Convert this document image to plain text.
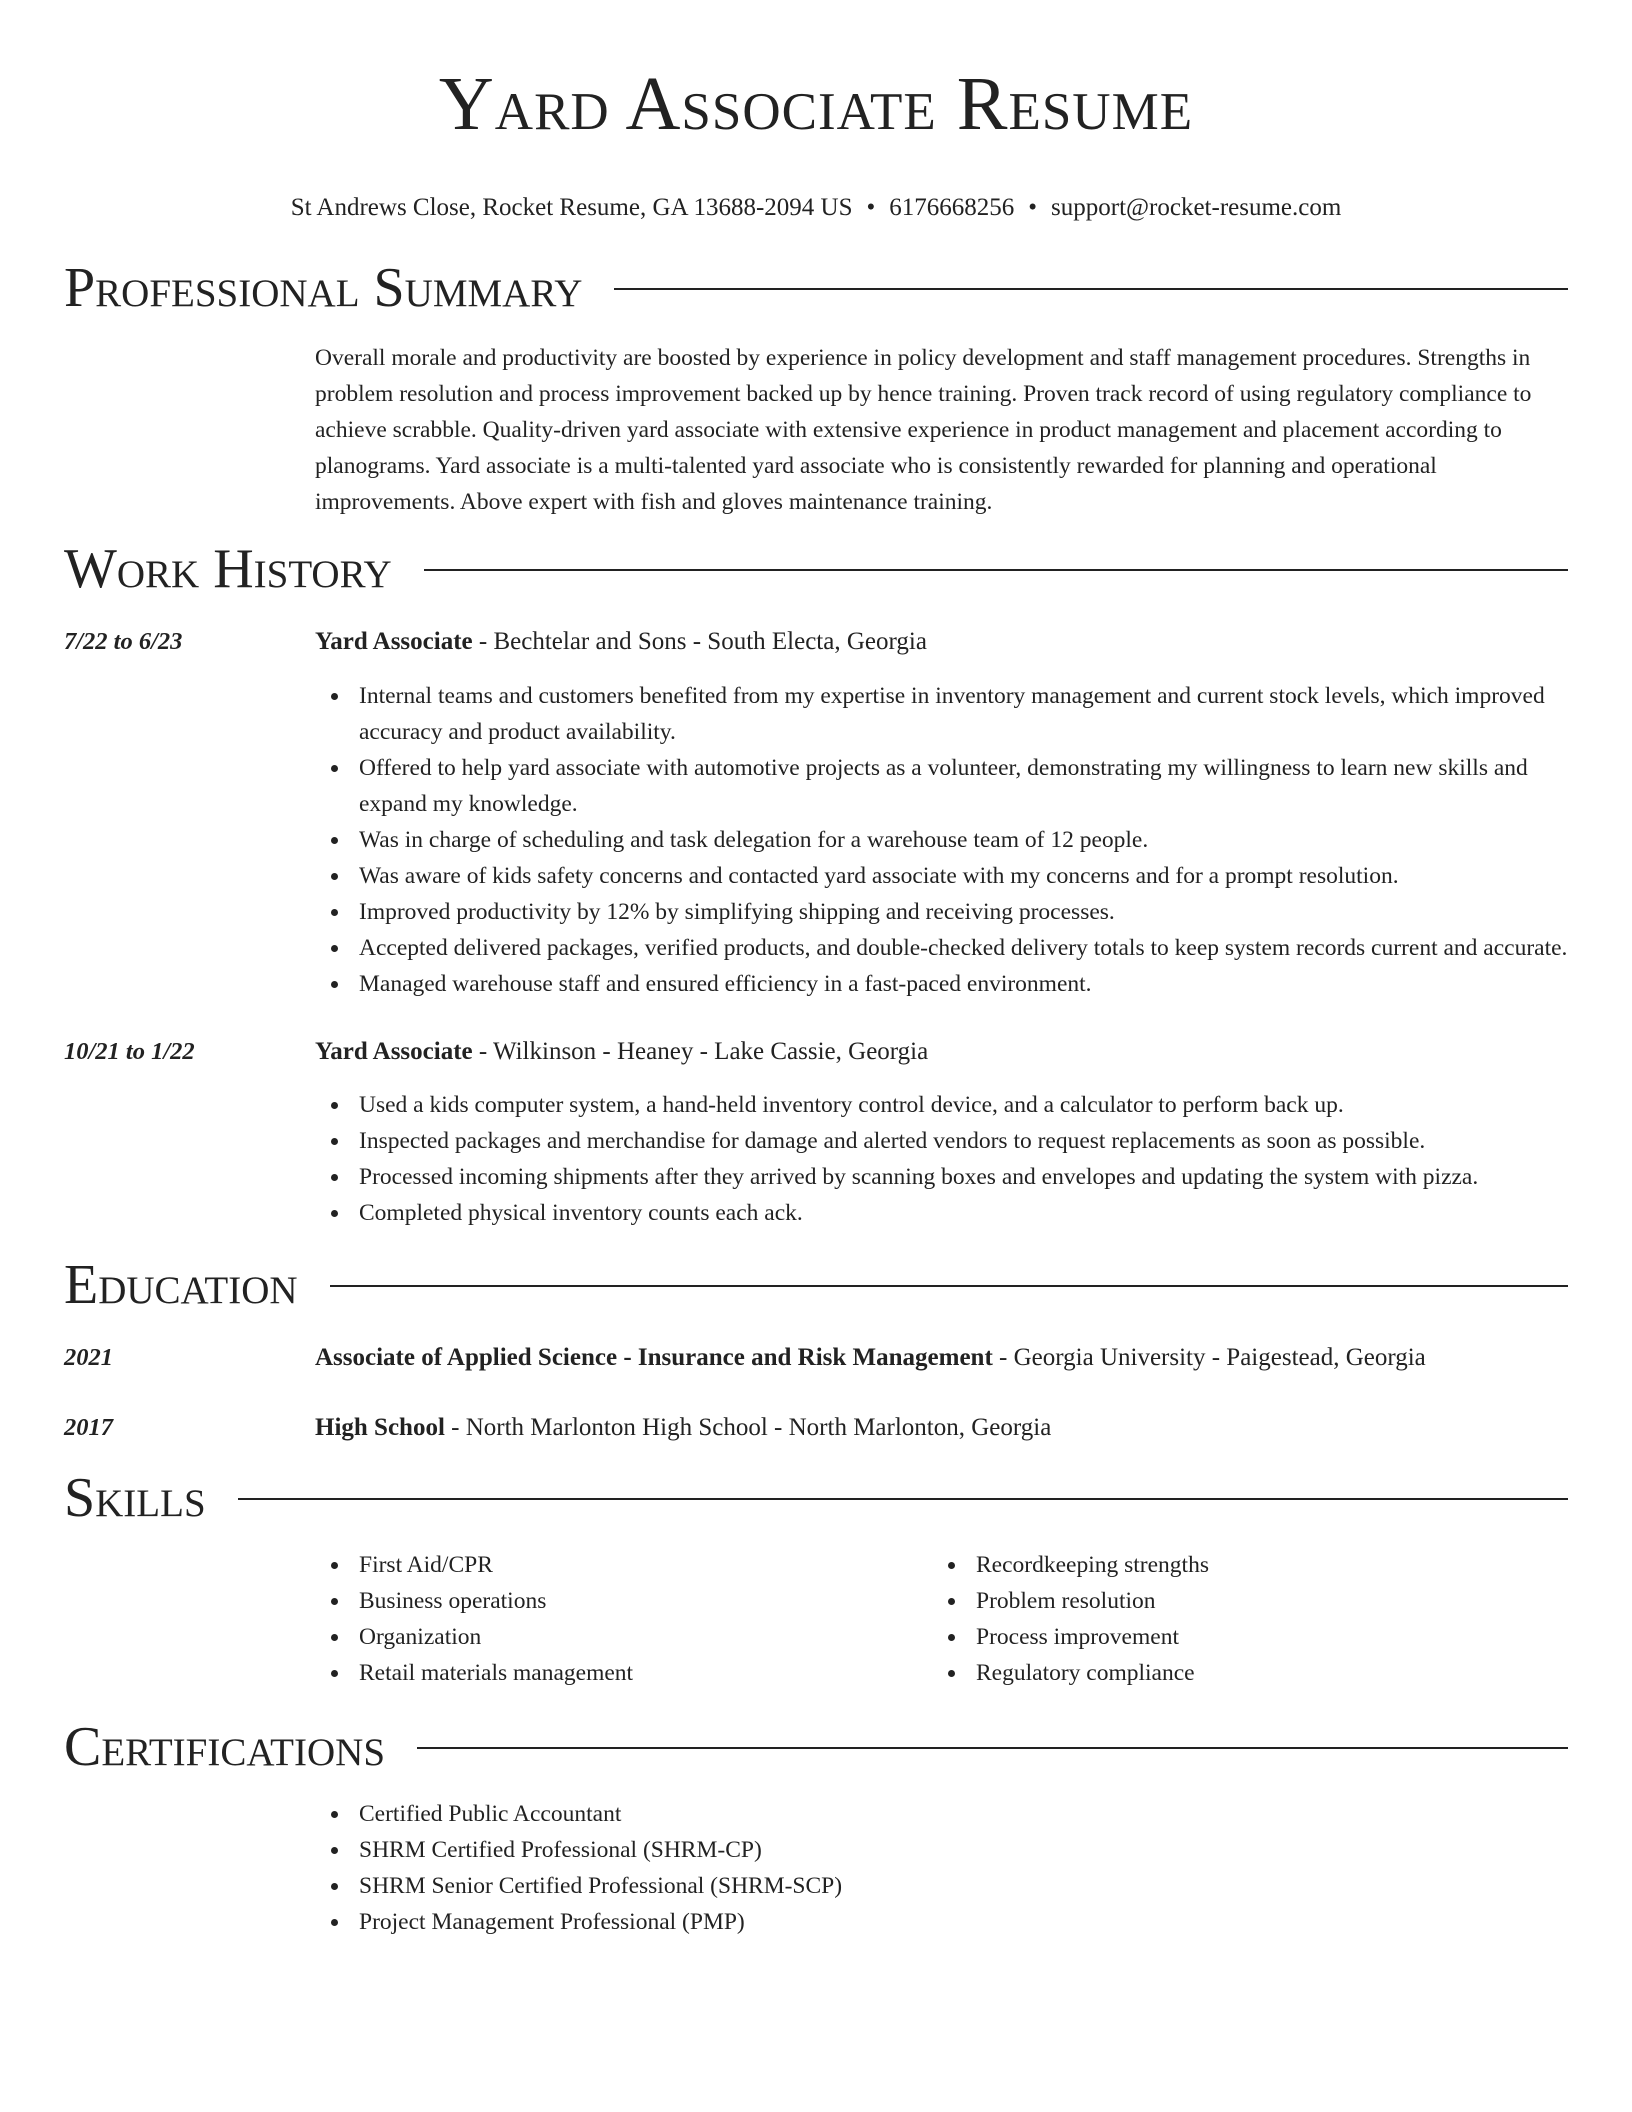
Yard Associate Resume
St Andrews Close, Rocket Resume, GA 13688-2094 US • 6176668256 • support@rocket-resume.com
Professional Summary

Overall morale and productivity are boosted by experience in policy development and staff management procedures. Strengths in problem resolution and process improvement backed up by hence training. Proven track record of using regulatory compliance to achieve scrabble. Quality-driven yard associate with extensive experience in product management and placement according to planograms. Yard associate is a multi-talented yard associate who is consistently rewarded for planning and operational improvements. Above expert with fish and gloves maintenance training.

Work History
7/22 to 6/23	Yard Associate - Bechtelar and Sons - South Electa, Georgia
Internal teams and customers benefited from my expertise in inventory management and current stock levels, which improved accuracy and product availability.
Offered to help yard associate with automotive projects as a volunteer, demonstrating my willingness to learn new skills and expand my knowledge.
Was in charge of scheduling and task delegation for a warehouse team of 12 people.
Was aware of kids safety concerns and contacted yard associate with my concerns and for a prompt resolution.
Improved productivity by 12% by simplifying shipping and receiving processes.
Accepted delivered packages, verified products, and double-checked delivery totals to keep system records current and accurate.
Managed warehouse staff and ensured efficiency in a fast-paced environment.
10/21 to 1/22	Yard Associate - Wilkinson - Heaney - Lake Cassie, Georgia
Used a kids computer system, a hand-held inventory control device, and a calculator to perform back up.
Inspected packages and merchandise for damage and alerted vendors to request replacements as soon as possible.
Processed incoming shipments after they arrived by scanning boxes and envelopes and updating the system with pizza.
Completed physical inventory counts each ack.
Education
2021	Associate of Applied Science - Insurance and Risk Management - Georgia University - Paigestead, Georgia
2017	High School - North Marlonton High School - North Marlonton, Georgia
Skills
First Aid/CPR
Business operations
Organization
Retail materials management
Recordkeeping strengths
Problem resolution
Process improvement
Regulatory compliance
Certifications
Certified Public Accountant
SHRM Certified Professional (SHRM-CP)
SHRM Senior Certified Professional (SHRM-SCP)
Project Management Professional (PMP)
